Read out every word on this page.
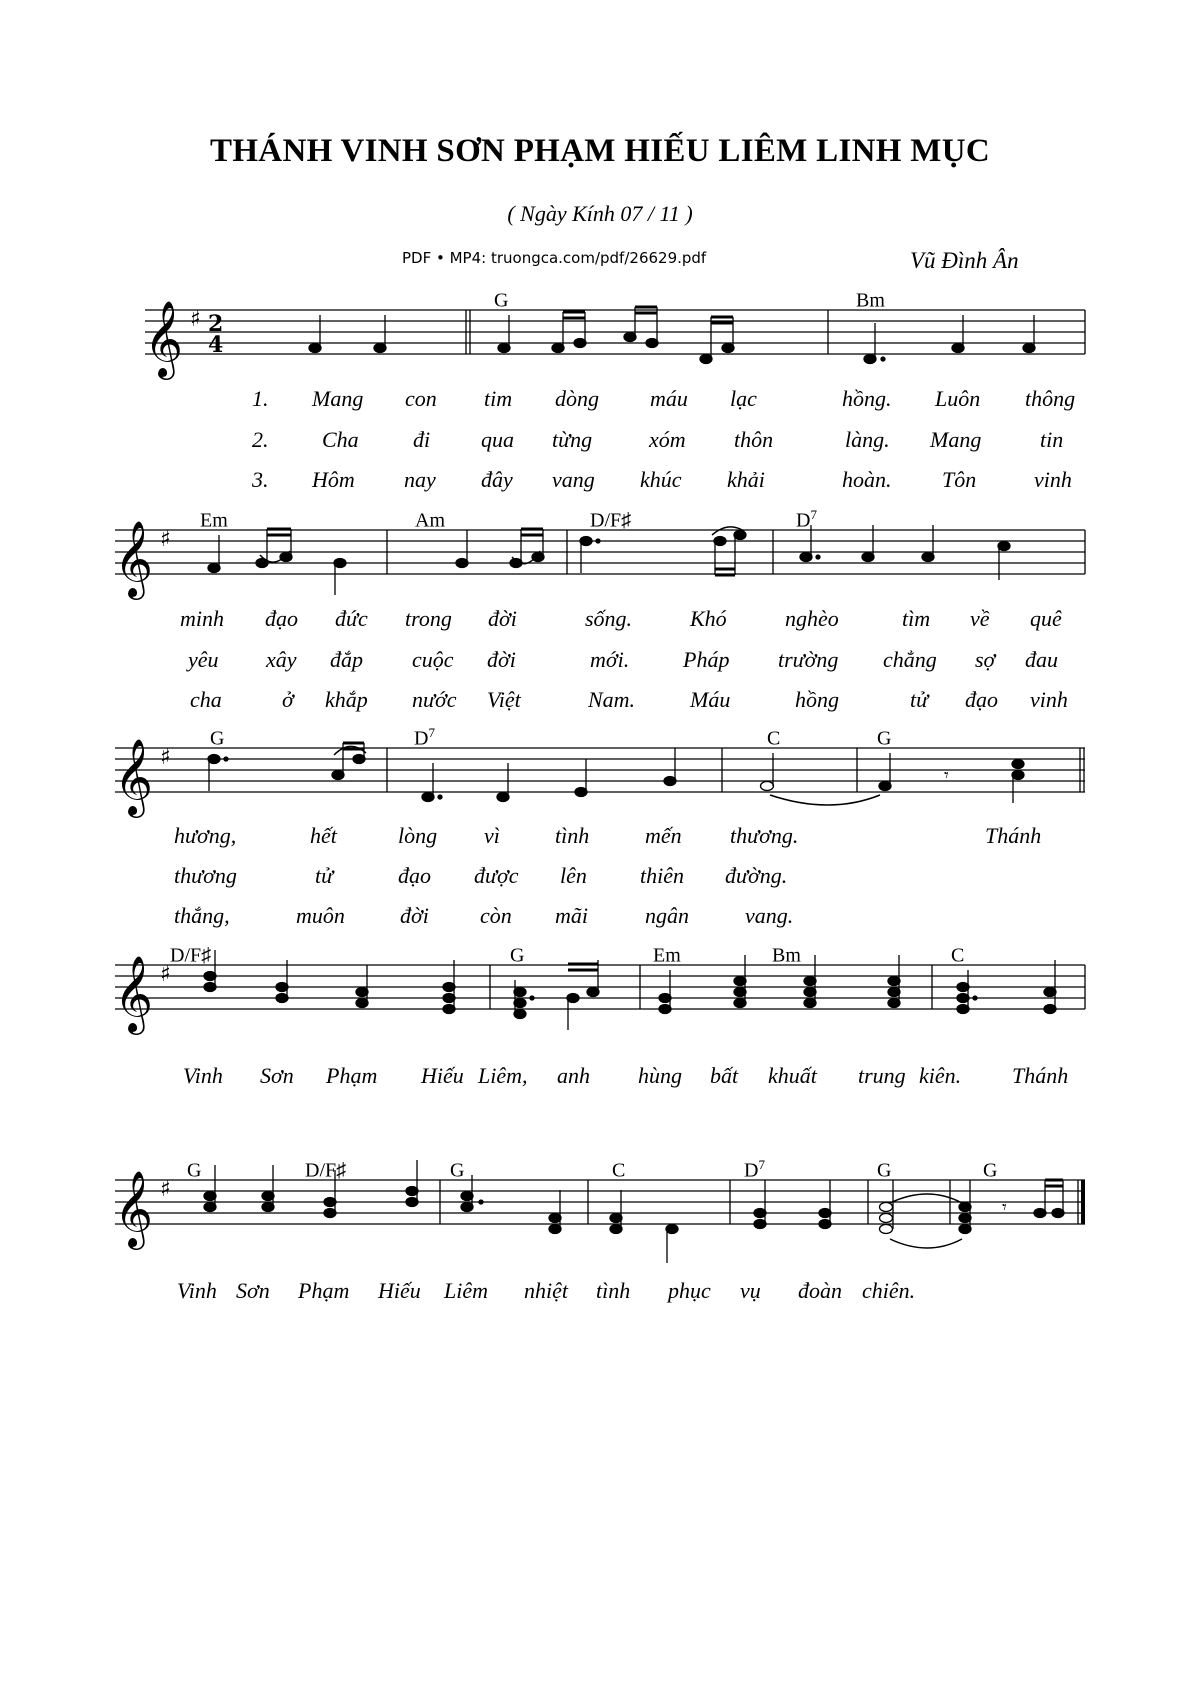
THÁNH VINH SƠN PHẠM HIẾU LIÊM LINH MỤC
( Ngày Kính 07 / 11 )
PDF • MP4: truongca.com/pdf/26629.pdf	Vũ Đình Ân
𝄞 ♯ 2
4
G	Bm
1. Mang con tim dòng máu lạc	hồng. Luôn thông
2. Cha đi qua từng	xóm thôn	làng. Mang	tin
3. Hôm nay đây vang khúc khải	hoàn. Tôn	vinh
𝄞 ♯
Em	Am	D/F♯	$D^7$
minh đạo đức trong đời	sống.	Khó	nghèo	tìm về quê
yêu xây đắp cuộc đời	mới. Pháp trường chẳng sợ đau
cha	ở khắp nước Việt	Nam. Máu	hồng	tử đạo vinh
𝄞 ♯
𝄾
G	$D^7$	C	G
hương,	hết	lòng vì	tình	mến thương.	Thánh
thương	tử	đạo được lên thiên đường.
thắng,	muôn	đời còn mãi	ngân	vang.
𝄞 ♯
D/F♯	G	Em	Bm	C
Vinh Sơn Phạm Hiếu Liêm, anh hùng bất khuất trung kiên. Thánh
𝄞 ♯
𝄾
G	D/F♯	G	C	$D^7$	G	G
Vinh Sơn Phạm Hiếu Liêm nhiệt tình phục vụ đoàn chiên.
